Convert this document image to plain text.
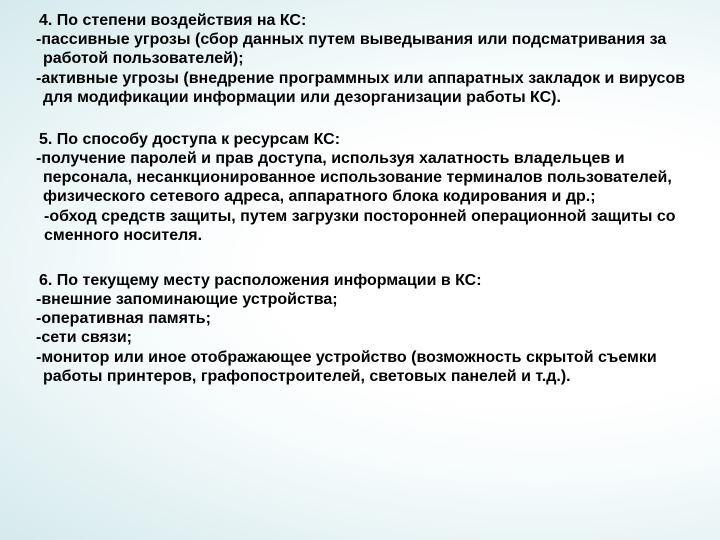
4. По степени воздействия на КС:

-пассивные угрозы (сбор данных путем выведывания или подсматривания за работой пользователей);

-активные угрозы (внедрение программных или аппаратных закладок и вирусов для модификации информации или дезорганизации работы КС).

5. По способу доступа к ресурсам КС:

-получение паролей и прав доступа, используя халатность владельцев и персонала, несанкционированное использование терминалов пользователей, физического сетевого адреса, аппаратного блока кодирования и др.;

-обход средств защиты, путем загрузки посторонней операционной защиты со сменного носителя.

6. По текущему месту расположения информации в КС:

-внешние запоминающие устройства;

-оперативная память;

-сети связи;

-монитор или иное отображающее устройство (возможность скрытой съемки работы принтеров, графопостроителей, световых панелей и т.д.).
